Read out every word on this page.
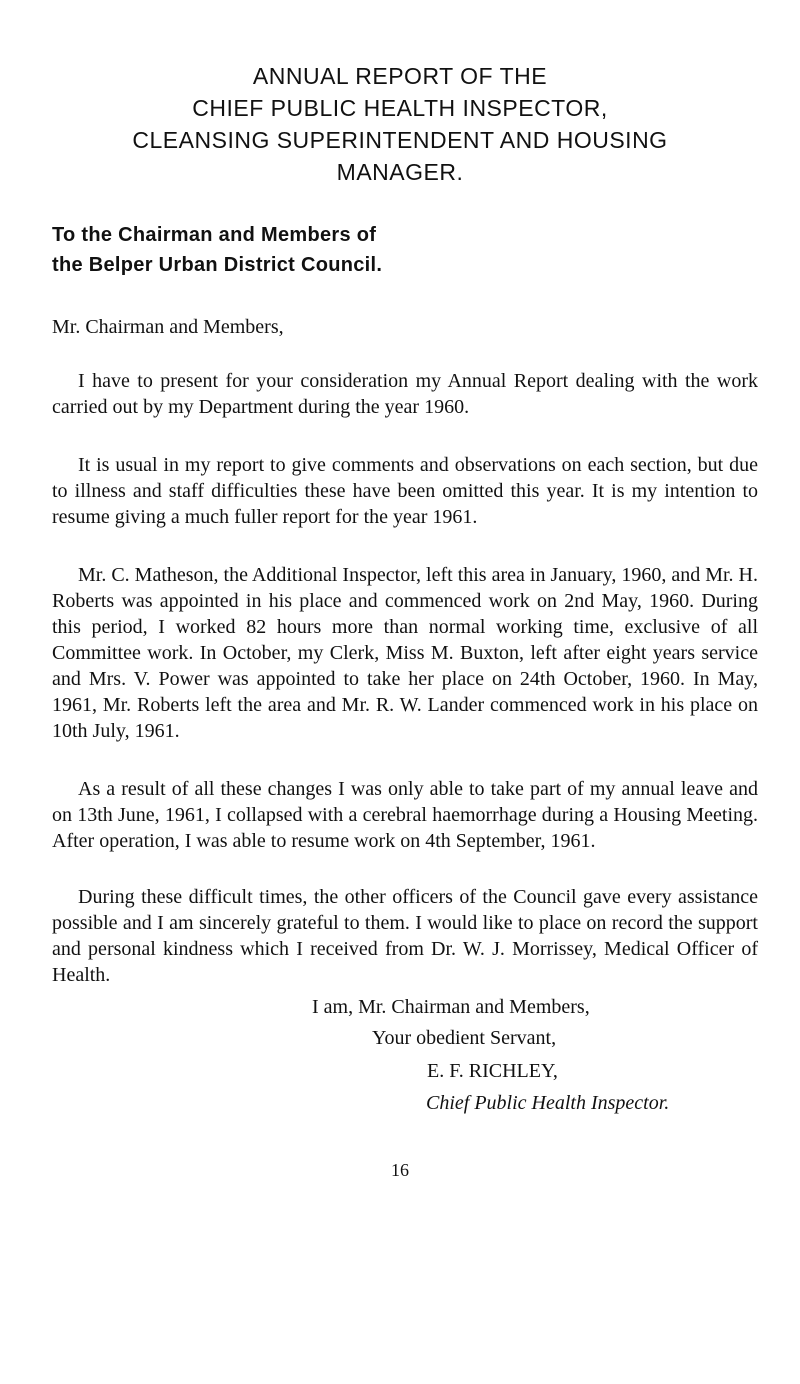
ANNUAL REPORT OF THE
CHIEF PUBLIC HEALTH INSPECTOR,
CLEANSING SUPERINTENDENT AND HOUSING
MANAGER.
To the Chairman and Members of
the Belper Urban District Council.
Mr. Chairman and Members,
I have to present for your consideration my Annual Report dealing with the work carried out by my Department during the year 1960.
It is usual in my report to give comments and observations on each section, but due to illness and staff difficulties these have been omitted this year. It is my intention to resume giving a much fuller report for the year 1961.
Mr. C. Matheson, the Additional Inspector, left this area in January, 1960, and Mr. H. Roberts was appointed in his place and commenced work on 2nd May, 1960. During this period, I worked 82 hours more than normal working time, exclusive of all Committee work. In October, my Clerk, Miss M. Buxton, left after eight years service and Mrs. V. Power was appointed to take her place on 24th October, 1960. In May, 1961, Mr. Roberts left the area and Mr. R. W. Lander commenced work in his place on 10th July, 1961.
As a result of all these changes I was only able to take part of my annual leave and on 13th June, 1961, I collapsed with a cerebral haemorrhage during a Housing Meeting. After operation, I was able to resume work on 4th September, 1961.
During these difficult times, the other officers of the Council gave every assistance possible and I am sincerely grateful to them. I would like to place on record the support and personal kindness which I received from Dr. W. J. Morrissey, Medical Officer of Health.
I am, Mr. Chairman and Members,
Your obedient Servant,
E. F. RICHLEY,
Chief Public Health Inspector.
16
